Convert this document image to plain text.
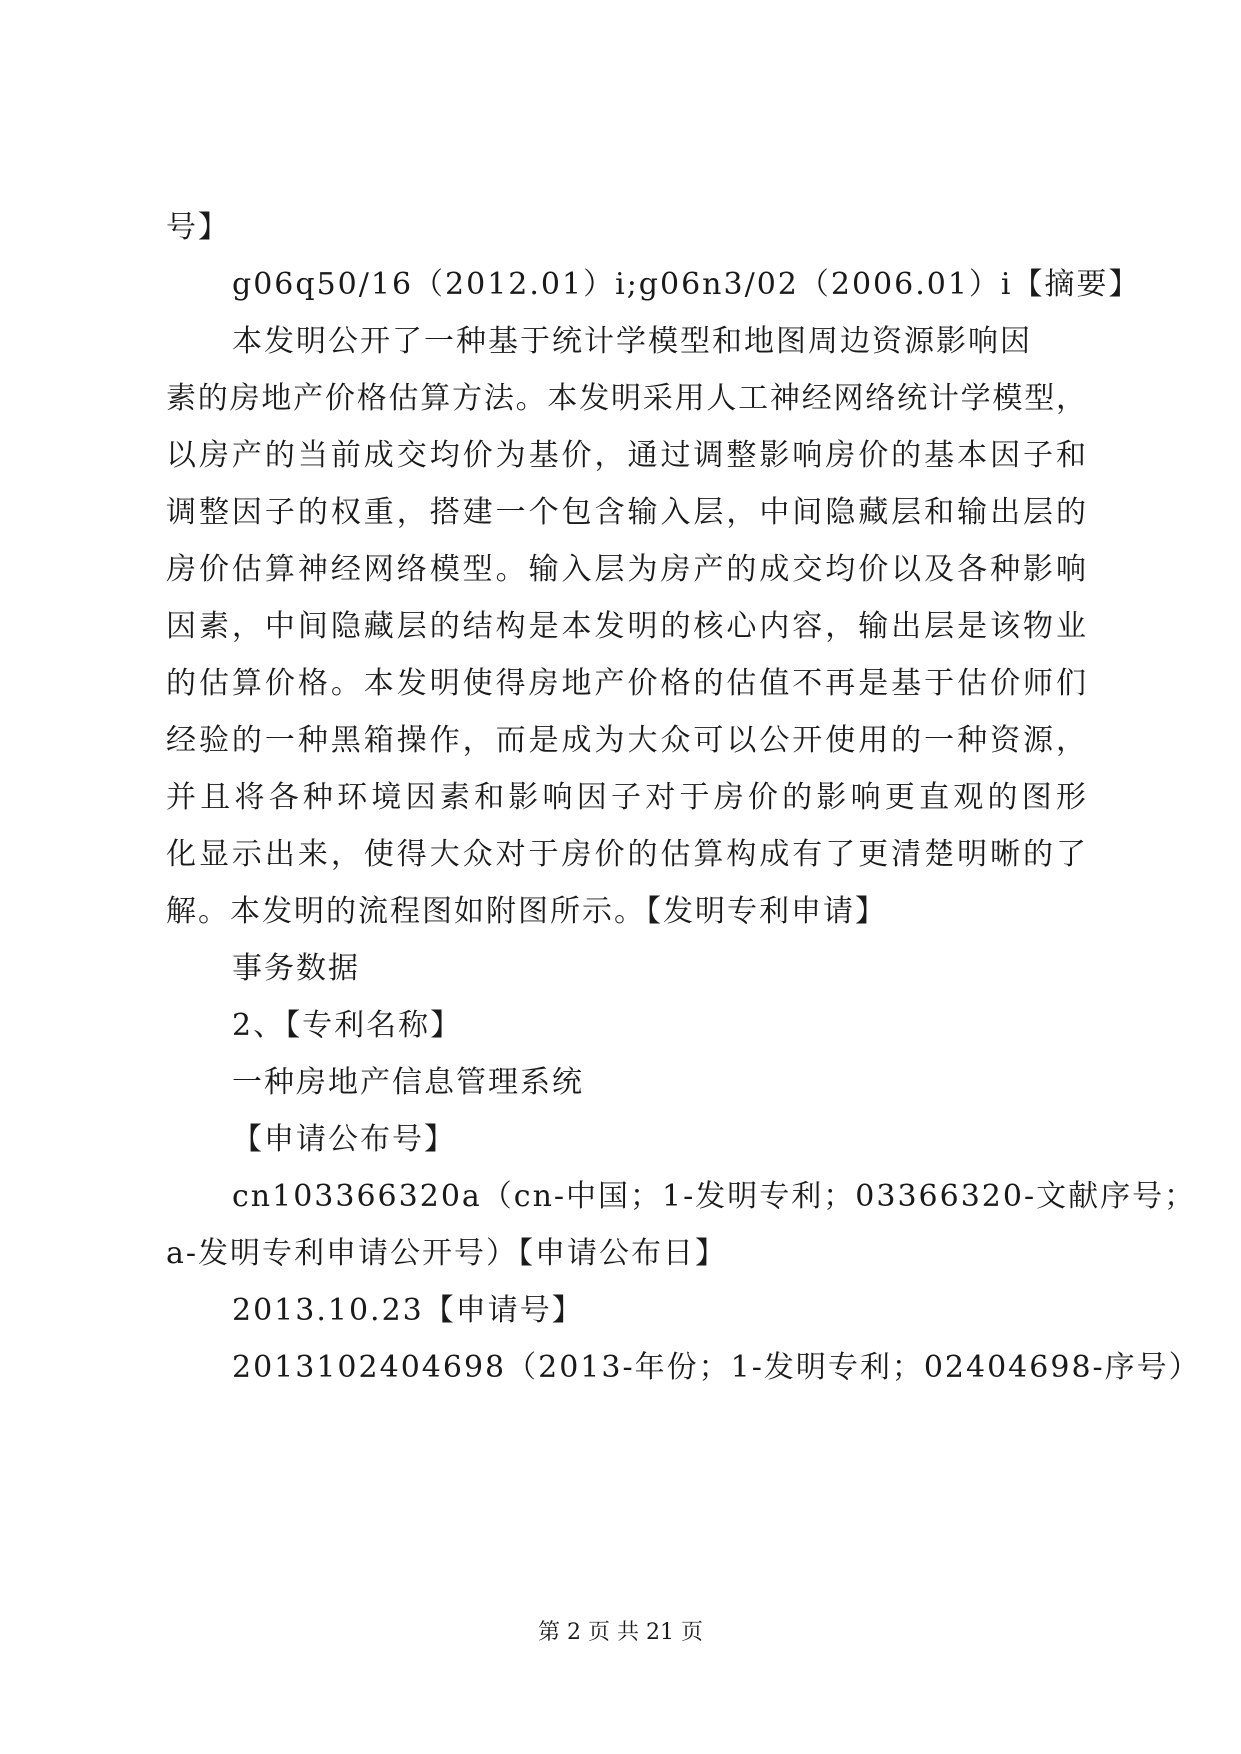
号】
g06q50/16（2012.01）i;g06n3/02（2006.01）i【摘要】
本发明公开了一种基于统计学模型和地图周边资源影响因
素的房地产价格估算方法。本发明采用人工神经网络统计学模型，
以房产的当前成交均价为基价，通过调整影响房价的基本因子和
调整因子的权重，搭建一个包含输入层，中间隐藏层和输出层的
房价估算神经网络模型。输入层为房产的成交均价以及各种影响
因素，中间隐藏层的结构是本发明的核心内容，输出层是该物业
的估算价格。本发明使得房地产价格的估值不再是基于估价师们
经验的一种黑箱操作，而是成为大众可以公开使用的一种资源，
并且将各种环境因素和影响因子对于房价的影响更直观的图形
化显示出来，使得大众对于房价的估算构成有了更清楚明晰的了
解。本发明的流程图如附图所示。【发明专利申请】
事务数据
2、【专利名称】
一种房地产信息管理系统
【申请公布号】
cn103366320a（cn-中国；1-发明专利；03366320-文献序号；
a-发明专利申请公开号）【申请公布日】
2013.10.23【申请号】
2013102404698（2013-年份；1-发明专利；02404698-序号）
第 2 页 共 21 页
